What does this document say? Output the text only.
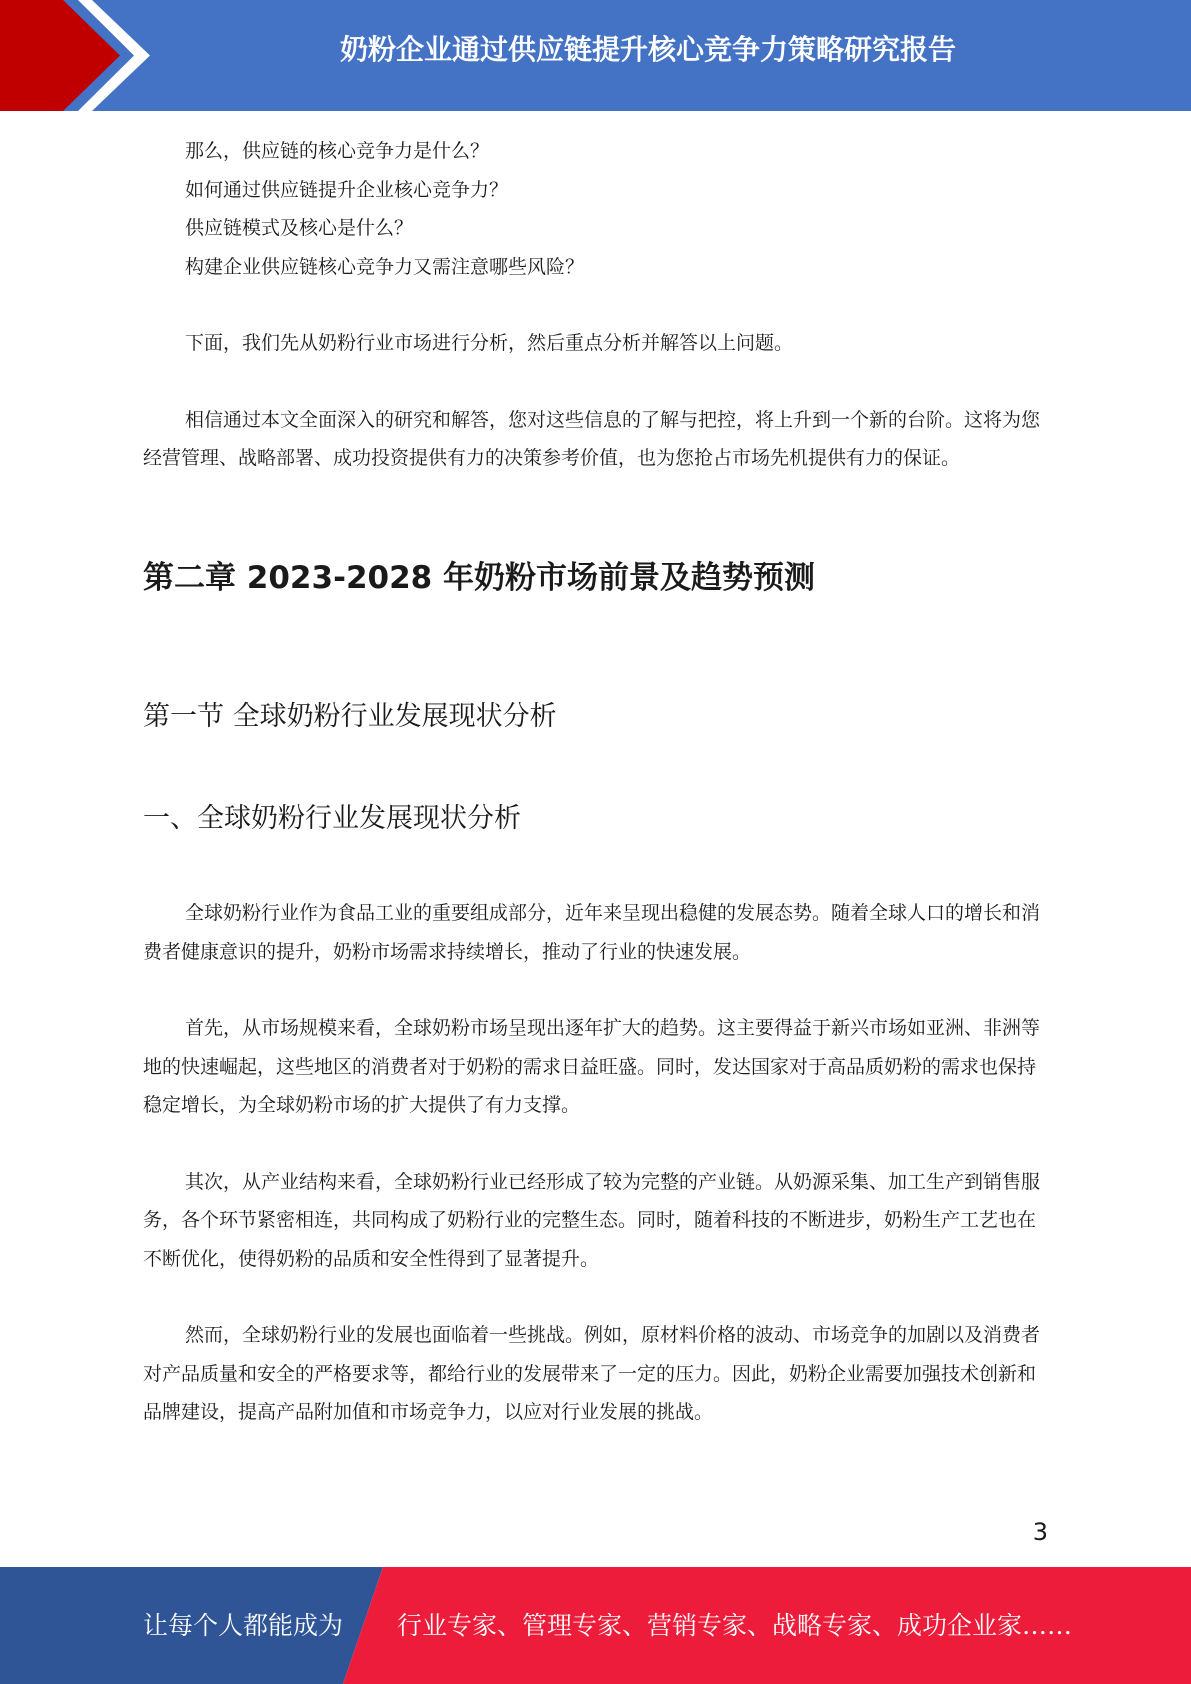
奶粉企业通过供应链提升核心竞争力策略研究报告

那么，供应链的核心竞争力是什么？

如何通过供应链提升企业核心竞争力？

供应链模式及核心是什么？

构建企业供应链核心竞争力又需注意哪些风险？

下面，我们先从奶粉行业市场进行分析，然后重点分析并解答以上问题。

相信通过本文全面深入的研究和解答，您对这些信息的了解与把控，将上升到一个新的台阶。这将为您经营管理、战略部署、成功投资提供有力的决策参考价值，也为您抢占市场先机提供有力的保证。

第二章 2023-2028 年奶粉市场前景及趋势预测
第一节 全球奶粉行业发展现状分析
一、全球奶粉行业发展现状分析

全球奶粉行业作为食品工业的重要组成部分，近年来呈现出稳健的发展态势。随着全球人口的增长和消费者健康意识的提升，奶粉市场需求持续增长，推动了行业的快速发展。

首先，从市场规模来看，全球奶粉市场呈现出逐年扩大的趋势。这主要得益于新兴市场如亚洲、非洲等地的快速崛起，这些地区的消费者对于奶粉的需求日益旺盛。同时，发达国家对于高品质奶粉的需求也保持稳定增长，为全球奶粉市场的扩大提供了有力支撑。

其次，从产业结构来看，全球奶粉行业已经形成了较为完整的产业链。从奶源采集、加工生产到销售服务，各个环节紧密相连，共同构成了奶粉行业的完整生态。同时，随着科技的不断进步，奶粉生产工艺也在不断优化，使得奶粉的品质和安全性得到了显著提升。

然而，全球奶粉行业的发展也面临着一些挑战。例如，原材料价格的波动、市场竞争的加剧以及消费者对产品质量和安全的严格要求等，都给行业的发展带来了一定的压力。因此，奶粉企业需要加强技术创新和品牌建设，提高产品附加值和市场竞争力，以应对行业发展的挑战。

3
让每个人都能成为 行业专家、管理专家、营销专家、战略专家、成功企业家……
